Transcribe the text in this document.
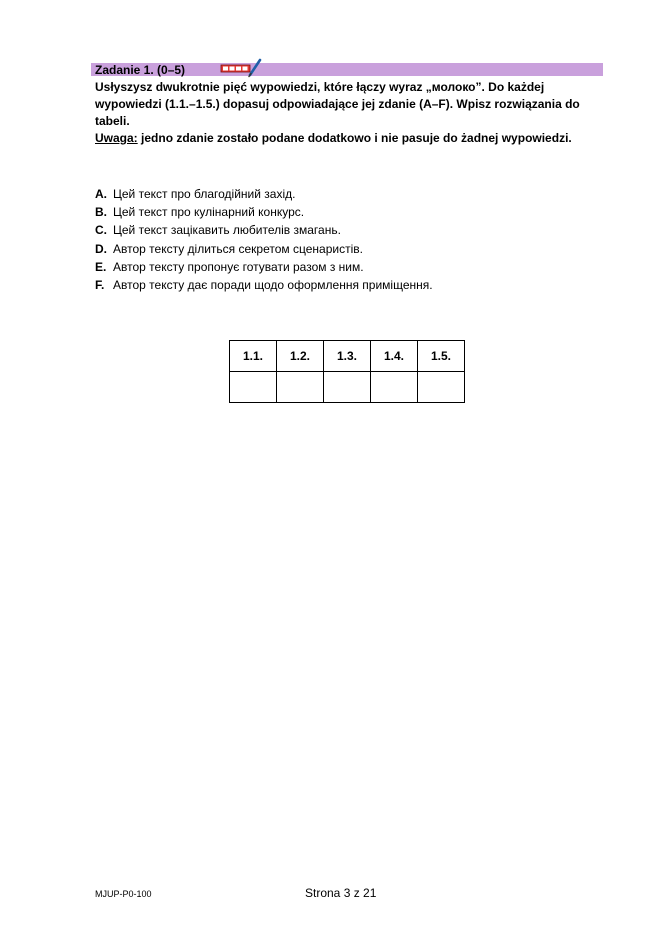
Zadanie 1. (0–5)

Usłyszysz dwukrotnie pięć wypowiedzi, które łączy wyraz „молоко”. Do każdej wypowiedzi (1.1.–1.5.) dopasuj odpowiadające jej zdanie (A–F). Wpisz rozwiązania do tabeli.

Uwaga: jedno zdanie zostało podane dodatkowo i nie pasuje do żadnej wypowiedzi.

A. Цей текст про благодійний захід.
B. Цей текст про кулінарний конкурс.
C. Цей текст зацікавить любителів змагань.
D. Автор тексту ділиться секретом сценаристів.
E. Автор тексту пропонує готувати разом з ним.
F. Автор тексту дає поради щодо оформлення приміщення.
1.1.	1.2.	1.3.	1.4.	1.5.

MJUP-P0-100	Strona 3 z 21
